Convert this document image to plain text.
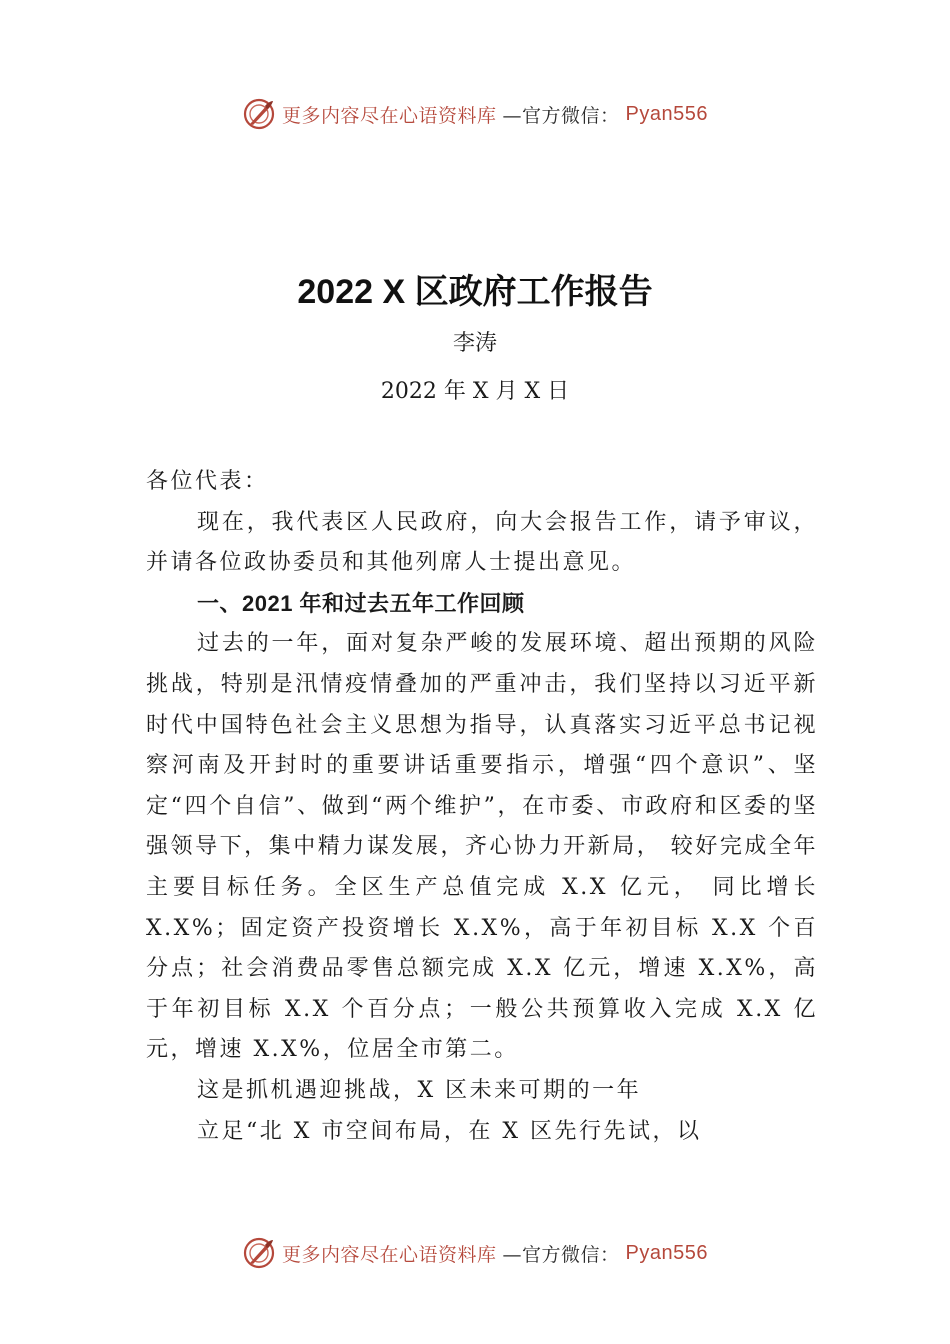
更多内容尽在心语资料库 —官方微信： Pyan556
2022 X 区政府工作报告
李涛
2022 年 X 月 X 日

各位代表：

现在，我代表区人民政府，向大会报告工作，请予审议，并请各位政协委员和其他列席人士提出意见。

一、2021 年和过去五年工作回顾

过去的一年，面对复杂严峻的发展环境、超出预期的风险挑战，特别是汛情疫情叠加的严重冲击，我们坚持以习近平新时代中国特色社会主义思想为指导，认真落实习近平总书记视察河南及开封时的重要讲话重要指示，增强“四个意识”、坚定“四个自信”、做到“两个维护”，在市委、市政府和区委的坚强领导下，集中精力谋发展，齐心协力开新局， 较好完成全年主要目标任务。全区生产总值完成 X.X 亿元， 同比增长 X.X%；固定资产投资增长 X.X%，高于年初目标 X.X 个百分点；社会消费品零售总额完成 X.X 亿元，增速 X.X%，高于年初目标 X.X 个百分点；一般公共预算收入完成 X.X 亿元，增速 X.X%，位居全市第二。

这是抓机遇迎挑战，X 区未来可期的一年

立足“北 X 市空间布局，在 X 区先行先试，以

更多内容尽在心语资料库 —官方微信： Pyan556
